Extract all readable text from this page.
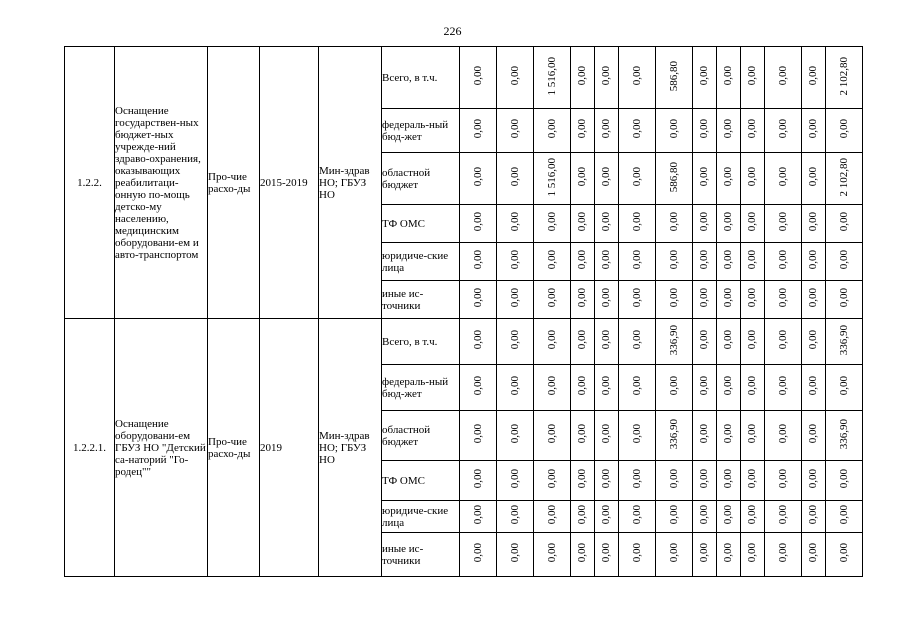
226
1.2.2.	Оснащение государствен-ных бюджет-ных учрежде-ний здраво-охранения, оказывающих реабилитаци-онную по-мощь детско-му населению, медицинским оборудовани-ем и авто-транспортом	Про-чие расхо-ды	2015-2019	Мин-здрав НО; ГБУЗ НО	Всего, в т.ч.	0,00	0,00	1 516,00	0,00	0,00	0,00	586,80	0,00	0,00	0,00	0,00	0,00	2 102,80
					федераль-ный бюд-жет	0,00	0,00	0,00	0,00	0,00	0,00	0,00	0,00	0,00	0,00	0,00	0,00	0,00
					областной бюджет	0,00	0,00	1 516,00	0,00	0,00	0,00	586,80	0,00	0,00	0,00	0,00	0,00	2 102,80
					ТФ ОМС	0,00	0,00	0,00	0,00	0,00	0,00	0,00	0,00	0,00	0,00	0,00	0,00	0,00
					юридиче-ские лица	0,00	0,00	0,00	0,00	0,00	0,00	0,00	0,00	0,00	0,00	0,00	0,00	0,00
					иные ис-точники	0,00	0,00	0,00	0,00	0,00	0,00	0,00	0,00	0,00	0,00	0,00	0,00	0,00
1.2.2.1.	Оснащение оборудовани-ем ГБУЗ НО "Детский са-наторий "Го-родец""	Про-чие расхо-ды	2019	Мин-здрав НО; ГБУЗ НО	Всего, в т.ч.	0,00	0,00	0,00	0,00	0,00	0,00	336,90	0,00	0,00	0,00	0,00	0,00	336,90
					федераль-ный бюд-жет	0,00	0,00	0,00	0,00	0,00	0,00	0,00	0,00	0,00	0,00	0,00	0,00	0,00
					областной бюджет	0,00	0,00	0,00	0,00	0,00	0,00	336,90	0,00	0,00	0,00	0,00	0,00	336,90
					ТФ ОМС	0,00	0,00	0,00	0,00	0,00	0,00	0,00	0,00	0,00	0,00	0,00	0,00	0,00
					юридиче-ские лица	0,00	0,00	0,00	0,00	0,00	0,00	0,00	0,00	0,00	0,00	0,00	0,00	0,00
					иные ис-точники	0,00	0,00	0,00	0,00	0,00	0,00	0,00	0,00	0,00	0,00	0,00	0,00	0,00
